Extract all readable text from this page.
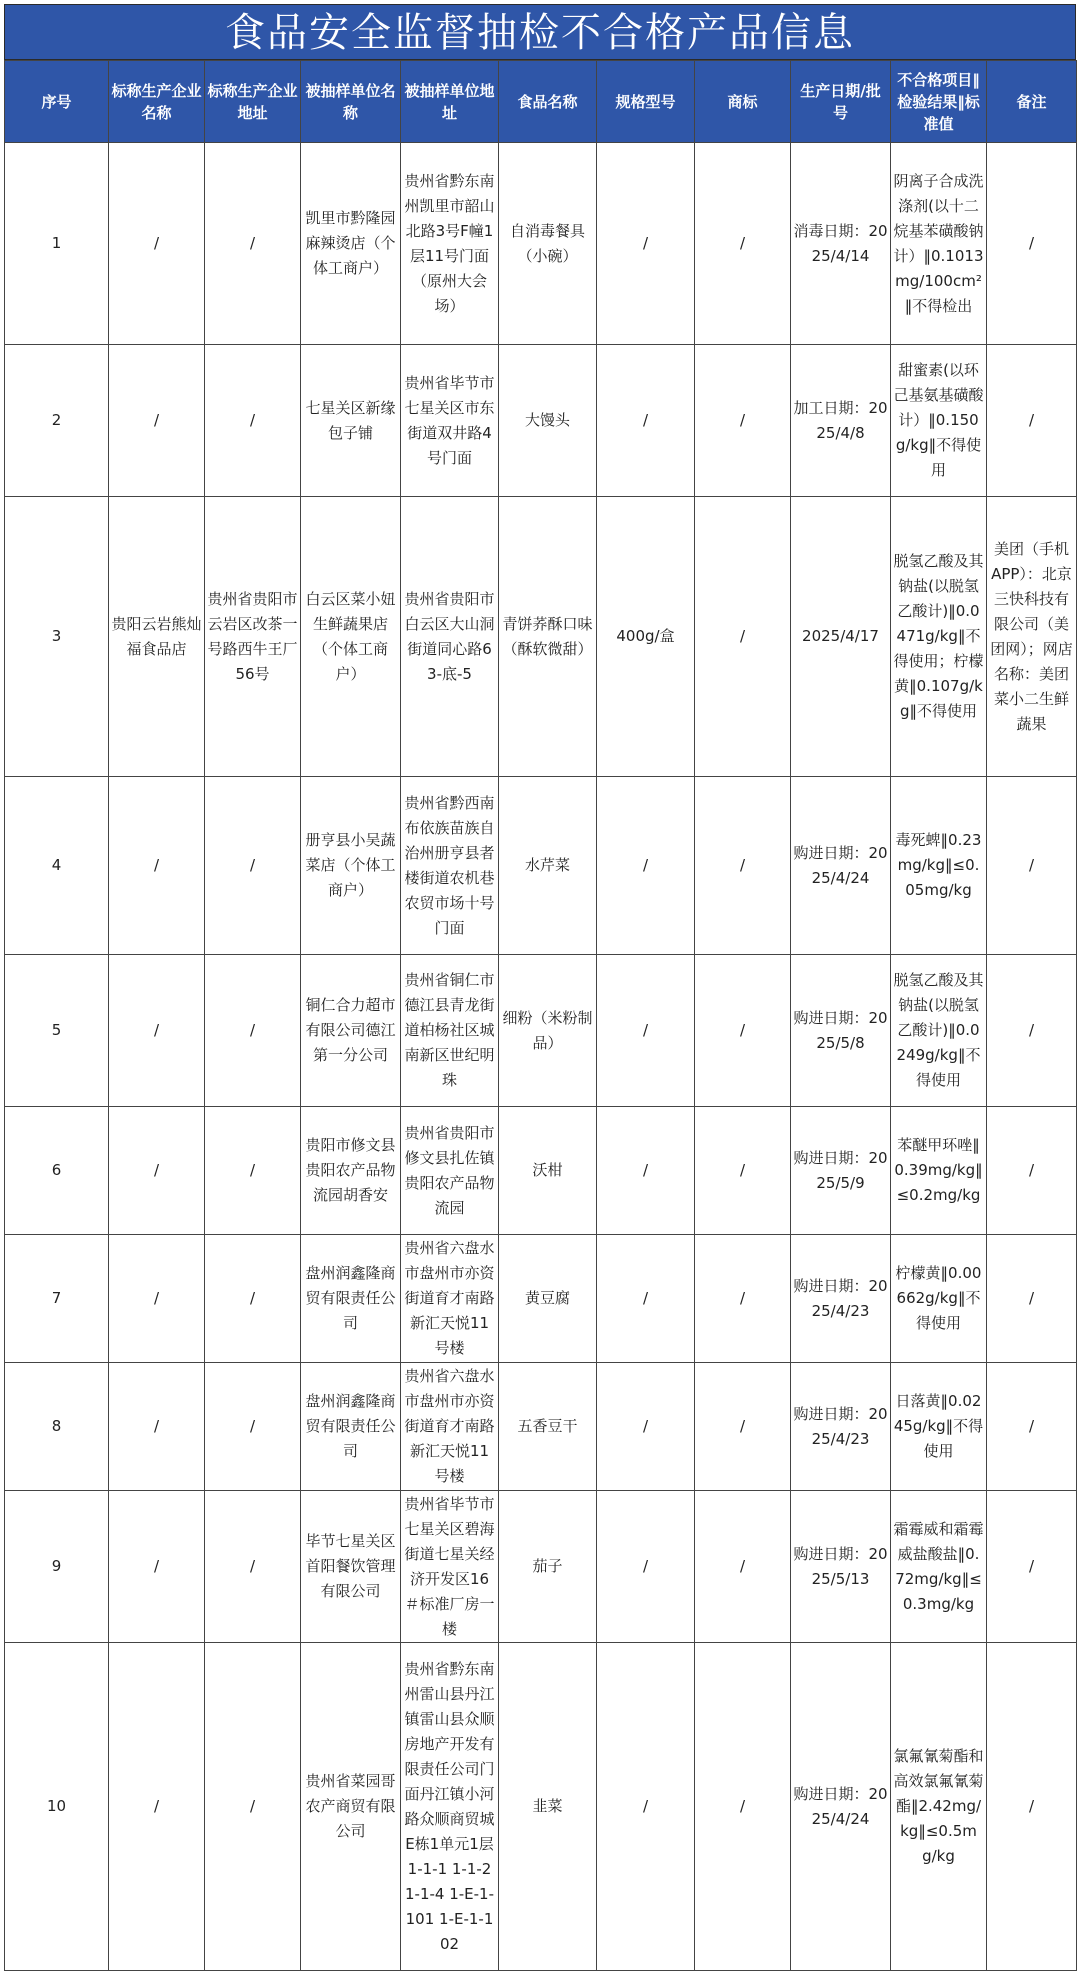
食品安全监督抽检不合格产品信息
序号	标称生产企业名称	标称生产企业地址	被抽样单位名称	被抽样单位地址	食品名称	规格型号	商标	生产日期/批号	不合格项目‖检验结果‖标准值	备注

1	/	/	凯里市黔隆园麻辣烫店（个体工商户）	贵州省黔东南州凯里市韶山北路3号F幢1层11号门面（原州大会场）	自消毒餐具（小碗）	/	/	消毒日期：2025/4/14	阴离子合成洗涤剂(以十二烷基苯磺酸钠计）‖0.1013mg/100cm²‖不得检出	/

2	/	/	七星关区新缘包子铺	贵州省毕节市七星关区市东街道双井路4号门面	大馒头	/	/	加工日期：2025/4/8	甜蜜素(以环己基氨基磺酸计）‖0.150g/kg‖不得使用	/

3	贵阳云岩熊灿福食品店	贵州省贵阳市云岩区改茶一号路西牛王厂56号	白云区菜小妞生鲜蔬果店（个体工商户）	贵州省贵阳市白云区大山洞街道同心路63-底-5	青饼荞酥口味（酥软微甜）	400g/盒	/	2025/4/17	脱氢乙酸及其钠盐(以脱氢乙酸计)‖0.0471g/kg‖不得使用；柠檬黄‖0.107g/kg‖不得使用	美团（手机APP）：北京三快科技有限公司（美团网）；网店名称：美团菜小二生鲜蔬果

4	/	/	册亨县小吴蔬菜店（个体工商户）	贵州省黔西南布依族苗族自治州册亨县者楼街道农机巷农贸市场十号门面	水芹菜	/	/	购进日期：2025/4/24	毒死蜱‖0.23mg/kg‖≤0.05mg/kg	/

5	/	/	铜仁合力超市有限公司德江第一分公司	贵州省铜仁市德江县青龙街道柏杨社区城南新区世纪明珠	细粉（米粉制品）	/	/	购进日期：2025/5/8	脱氢乙酸及其钠盐(以脱氢乙酸计)‖0.0249g/kg‖不得使用	/

6	/	/	贵阳市修文县贵阳农产品物流园胡香安	贵州省贵阳市修文县扎佐镇贵阳农产品物流园	沃柑	/	/	购进日期：2025/5/9	苯醚甲环唑‖0.39mg/kg‖≤0.2mg/kg	/

7	/	/	盘州润鑫隆商贸有限责任公司	贵州省六盘水市盘州市亦资街道育才南路新汇天悦11号楼	黄豆腐	/	/	购进日期：2025/4/23	柠檬黄‖0.00662g/kg‖不得使用	/

8	/	/	盘州润鑫隆商贸有限责任公司	贵州省六盘水市盘州市亦资街道育才南路新汇天悦11号楼	五香豆干	/	/	购进日期：2025/4/23	日落黄‖0.0245g/kg‖不得使用	/

9	/	/	毕节七星关区首阳餐饮管理有限公司	贵州省毕节市七星关区碧海街道七星关经济开发区16＃标准厂房一楼	茄子	/	/	购进日期：2025/5/13	霜霉威和霜霉威盐酸盐‖0.72mg/kg‖≤0.3mg/kg	/

10	/	/	贵州省菜园哥农产商贸有限公司	贵州省黔东南州雷山县丹江镇雷山县众顺房地产开发有限责任公司门面丹江镇小河路众顺商贸城E栋1单元1层1-1-1 1-1-2 1-1-4 1-E-1-101 1-E-1-102	韭菜	/	/	购进日期：2025/4/24	氯氟氰菊酯和高效氯氟氰菊酯‖2.42mg/kg‖≤0.5mg/kg	/
